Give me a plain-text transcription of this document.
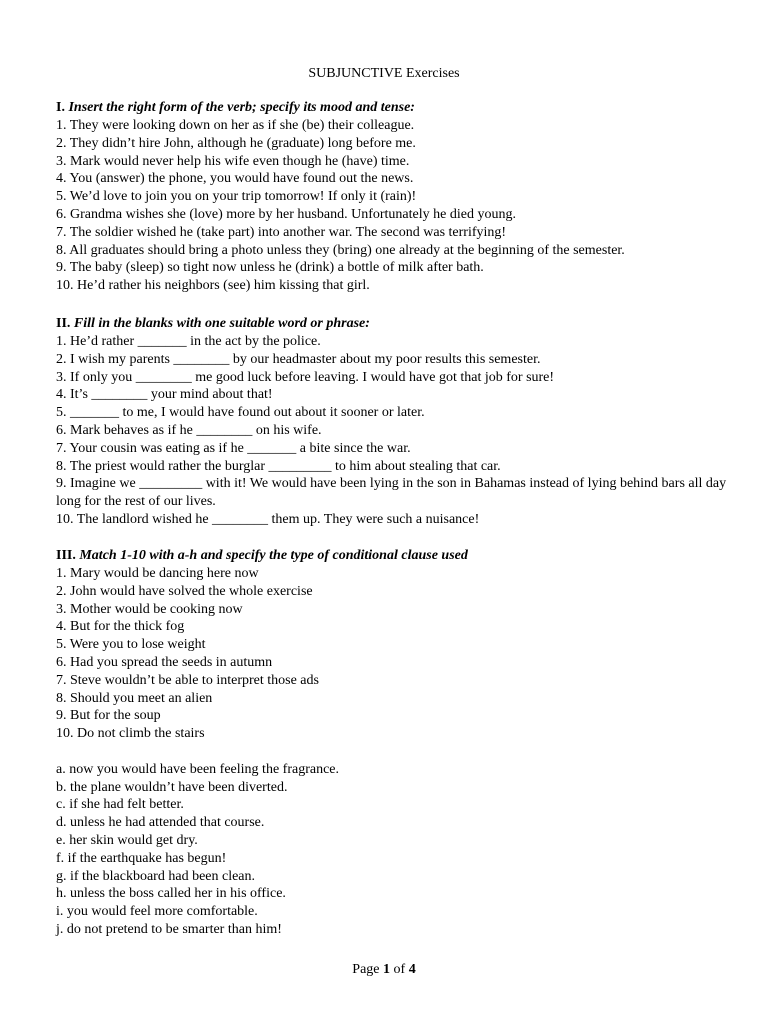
SUBJUNCTIVE Exercises
I. Insert the right form of the verb; specify its mood and tense:
1. They were looking down on her as if she (be) their colleague.
2. They didn’t hire John, although he (graduate) long before me.
3. Mark would never help his wife even though he (have) time.
4. You (answer) the phone, you would have found out the news.
5. We’d love to join you on your trip tomorrow! If only it (rain)!
6. Grandma wishes she (love) more by her husband. Unfortunately he died young.
7. The soldier wished he (take part) into another war. The second was terrifying!
8. All graduates should bring a photo unless they (bring) one already at the beginning of the semester.
9. The baby (sleep) so tight now unless he (drink) a bottle of milk after bath.
10. He’d rather his neighbors (see) him kissing that girl.
II. Fill in the blanks with one suitable word or phrase:
1. He’d rather _______ in the act by the police.
2. I wish my parents ________ by our headmaster about my poor results this semester.
3. If only you ________ me good luck before leaving. I would have got that job for sure!
4. It’s ________ your mind about that!
5. _______ to me, I would have found out about it sooner or later.
6. Mark behaves as if he ________ on his wife.
7. Your cousin was eating as if he _______ a bite since the war.
8. The priest would rather the burglar _________ to him about stealing that car.
9. Imagine we _________ with it! We would have been lying in the son in Bahamas instead of lying behind bars all day long for the rest of our lives.
10. The landlord wished he ________ them up. They were such a nuisance!
III. Match 1-10 with a-h and specify the type of conditional clause used
1. Mary would be dancing here now
2. John would have solved the whole exercise
3. Mother would be cooking now
4. But for the thick fog
5. Were you to lose weight
6. Had you spread the seeds in autumn
7. Steve wouldn’t be able to interpret those ads
8. Should you meet an alien
9. But for the soup
10. Do not climb the stairs
a. now you would have been feeling the fragrance.
b. the plane wouldn’t have been diverted.
c. if she had felt better.
d. unless he had attended that course.
e. her skin would get dry.
f. if the earthquake has begun!
g. if the blackboard had been clean.
h. unless the boss called her in his office.
i. you would feel more comfortable.
j. do not pretend to be smarter than him!
Page 1 of 4
